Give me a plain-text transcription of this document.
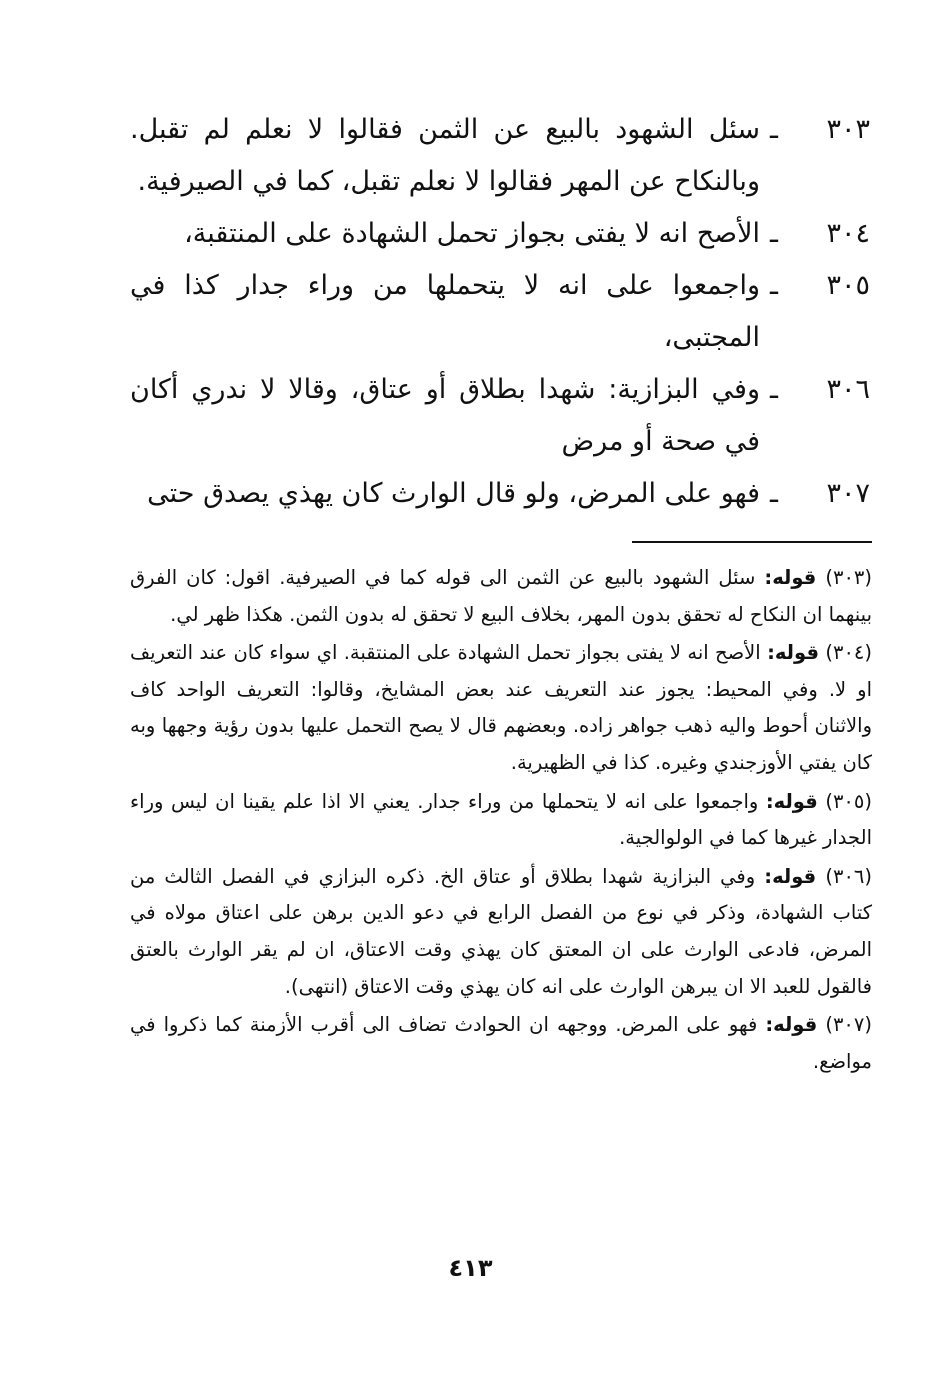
٣٠٣
ـ
سئل الشهود بالبيع عن الثمن فقالوا لا نعلم لم تقبل. وبالنكاح عن المهر فقالوا لا نعلم تقبل، كما في الصيرفية.
٣٠٤
ـ
الأصح انه لا يفتى بجواز تحمل الشهادة على المنتقبة،
٣٠٥
ـ
واجمعوا على انه لا يتحملها من وراء جدار كذا في المجتبى،
٣٠٦
ـ
وفي البزازية: شهدا بطلاق أو عتاق، وقالا لا ندري أكان في صحة أو مرض
٣٠٧
ـ
فهو على المرض، ولو قال الوارث كان يهذي يصدق حتى

(٣٠٣) قوله: سئل الشهود بالبيع عن الثمن الى قوله كما في الصيرفية. اقول: كان الفرق بينهما ان النكاح له تحقق بدون المهر، بخلاف البيع لا تحقق له بدون الثمن. هكذا ظهر لي.

(٣٠٤) قوله: الأصح انه لا يفتى بجواز تحمل الشهادة على المنتقبة. اي سواء كان عند التعريف او لا. وفي المحيط: يجوز عند التعريف عند بعض المشايخ، وقالوا: التعريف الواحد كاف والاثنان أحوط واليه ذهب جواهر زاده. وبعضهم قال لا يصح التحمل عليها بدون رؤية وجهها وبه كان يفتي الأوزجندي وغيره. كذا في الظهيرية.

(٣٠٥) قوله: واجمعوا على انه لا يتحملها من وراء جدار. يعني الا اذا علم يقينا ان ليس وراء الجدار غيرها كما في الولوالجية.

(٣٠٦) قوله: وفي البزازية شهدا بطلاق أو عتاق الخ. ذكره البزازي في الفصل الثالث من كتاب الشهادة، وذكر في نوع من الفصل الرابع في دعو الدين برهن على اعتاق مولاه في المرض، فادعى الوارث على ان المعتق كان يهذي وقت الاعتاق، ان لم يقر الوارث بالعتق فالقول للعبد الا ان يبرهن الوارث على انه كان يهذي وقت الاعتاق (انتهى).

(٣٠٧) قوله: فهو على المرض. ووجهه ان الحوادث تضاف الى أقرب الأزمنة كما ذكروا في مواضع.

٤١٣
